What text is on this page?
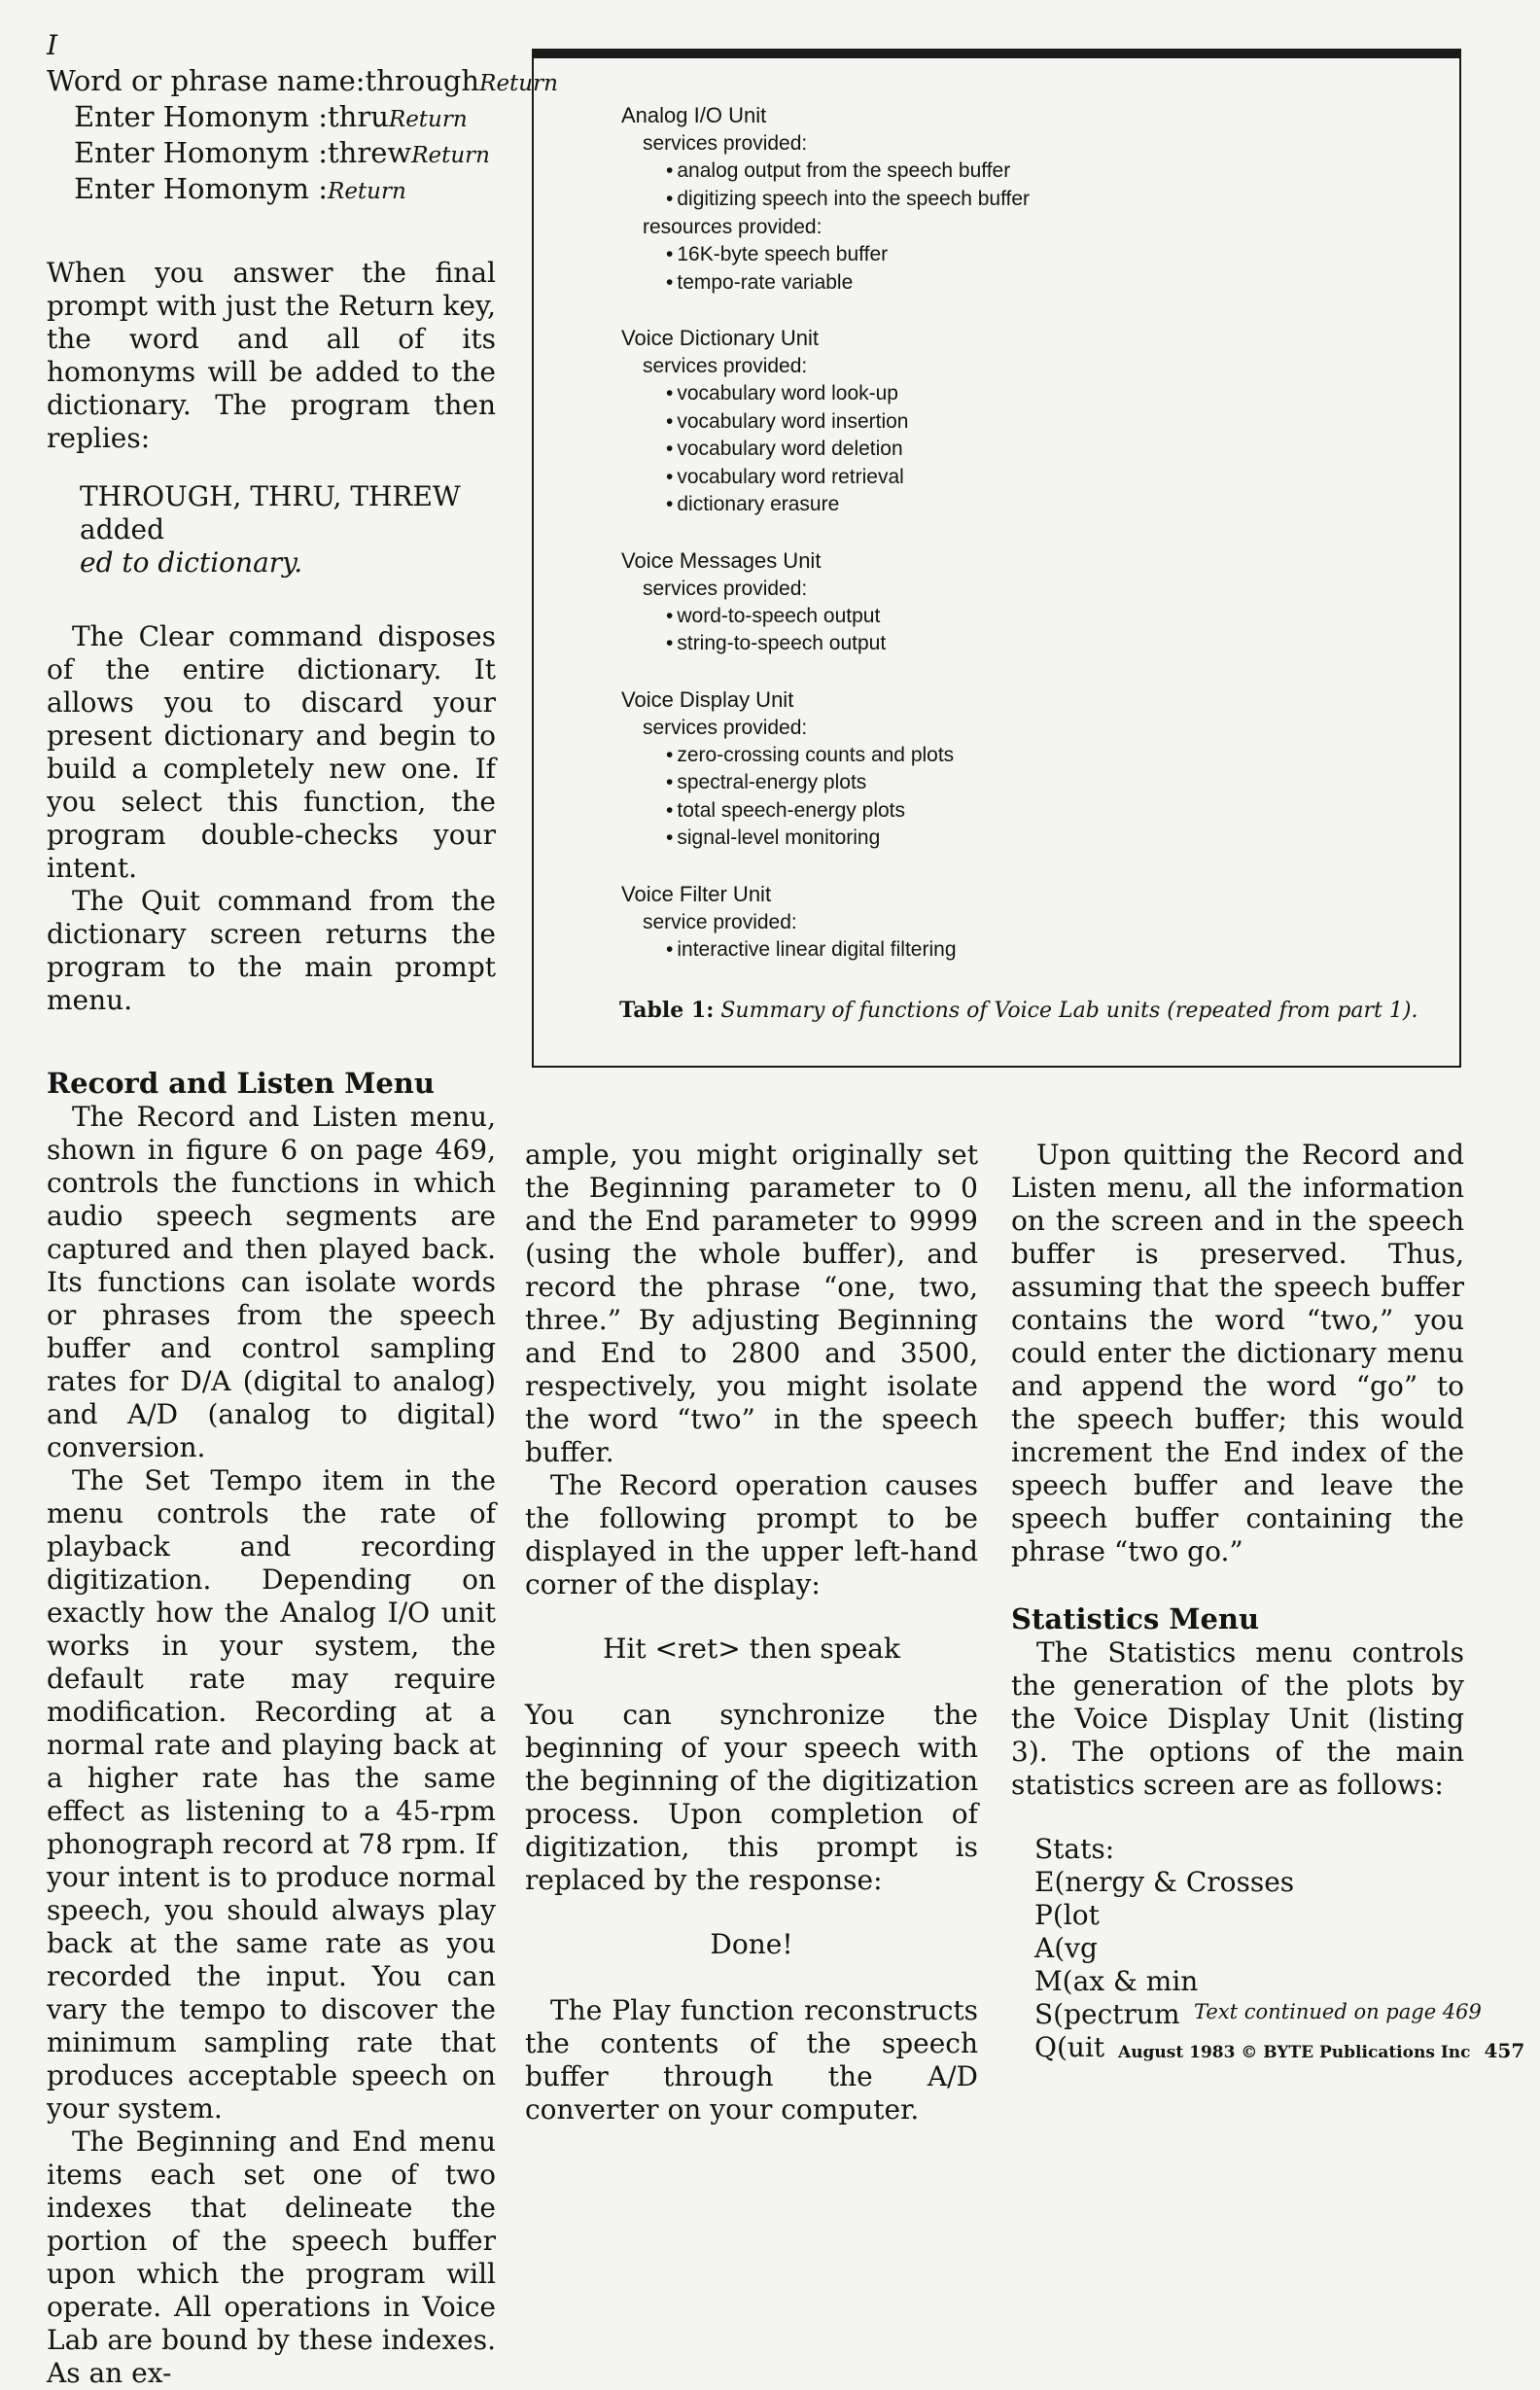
I
Word or phrase name:throughReturn
Enter Homonym :thruReturn
Enter Homonym :threwReturn
Enter Homonym :Return

When you answer the final prompt with just the Return key, the word and all of its homonyms will be added to the dictionary. The program then replies:

THROUGH, THRU, THREW added
ed to dictionary.

The Clear command disposes of the entire dictionary. It allows you to discard your present dictionary and begin to build a completely new one. If you select this function, the program double-checks your intent.

The Quit command from the dictionary screen returns the program to the main prompt menu.

Record and Listen Menu

The Record and Listen menu, shown in figure 6 on page 469, controls the functions in which audio speech segments are captured and then played back. Its functions can isolate words or phrases from the speech buffer and control sampling rates for D/A (digital to analog) and A/D (analog to digital) conversion.

The Set Tempo item in the menu controls the rate of playback and recording digitization. Depending on exactly how the Analog I/O unit works in your system, the default rate may require modification. Recording at a normal rate and playing back at a higher rate has the same effect as listening to a 45-rpm phonograph record at 78 rpm. If your intent is to produce normal speech, you should always play back at the same rate as you recorded the input. You can vary the tempo to discover the minimum sampling rate that produces acceptable speech on your system.

The Beginning and End menu items each set one of two indexes that delineate the portion of the speech buffer upon which the program will operate. All operations in Voice Lab are bound by these indexes. As an ex-

Analog I/O Unit
services provided:
• analog output from the speech buffer
• digitizing speech into the speech buffer
resources provided:
• 16K-byte speech buffer
• tempo-rate variable
Voice Dictionary Unit
services provided:
• vocabulary word look-up
• vocabulary word insertion
• vocabulary word deletion
• vocabulary word retrieval
• dictionary erasure
Voice Messages Unit
services provided:
• word-to-speech output
• string-to-speech output
Voice Display Unit
services provided:
• zero-crossing counts and plots
• spectral-energy plots
• total speech-energy plots
• signal-level monitoring
Voice Filter Unit
service provided:
• interactive linear digital filtering
Table 1: Summary of functions of Voice Lab units (repeated from part 1).

ample, you might originally set the Beginning parameter to 0 and the End parameter to 9999 (using the whole buffer), and record the phrase “one, two, three.” By adjusting Beginning and End to 2800 and 3500, respectively, you might isolate the word “two” in the speech buffer.

The Record operation causes the following prompt to be displayed in the upper left-hand corner of the display:

Hit <ret> then speak

You can synchronize the beginning of your speech with the beginning of the digitization process. Upon completion of digitization, this prompt is replaced by the response:

Done!

The Play function reconstructs the contents of the speech buffer through the A/D converter on your computer.

Upon quitting the Record and Listen menu, all the information on the screen and in the speech buffer is preserved. Thus, assuming that the speech buffer contains the word “two,” you could enter the dictionary menu and append the word “go” to the speech buffer; this would increment the End index of the speech buffer and leave the speech buffer containing the phrase “two go.”

Statistics Menu

The Statistics menu controls the generation of the plots by the Voice Display Unit (listing 3). The options of the main statistics screen are as follows:

Stats:
E(nergy & Crosses
P(lot
A(vg
M(ax & min
S(pectrum
Q(uit
Text continued on page 469
August 1983 © BYTE Publications Inc 457
